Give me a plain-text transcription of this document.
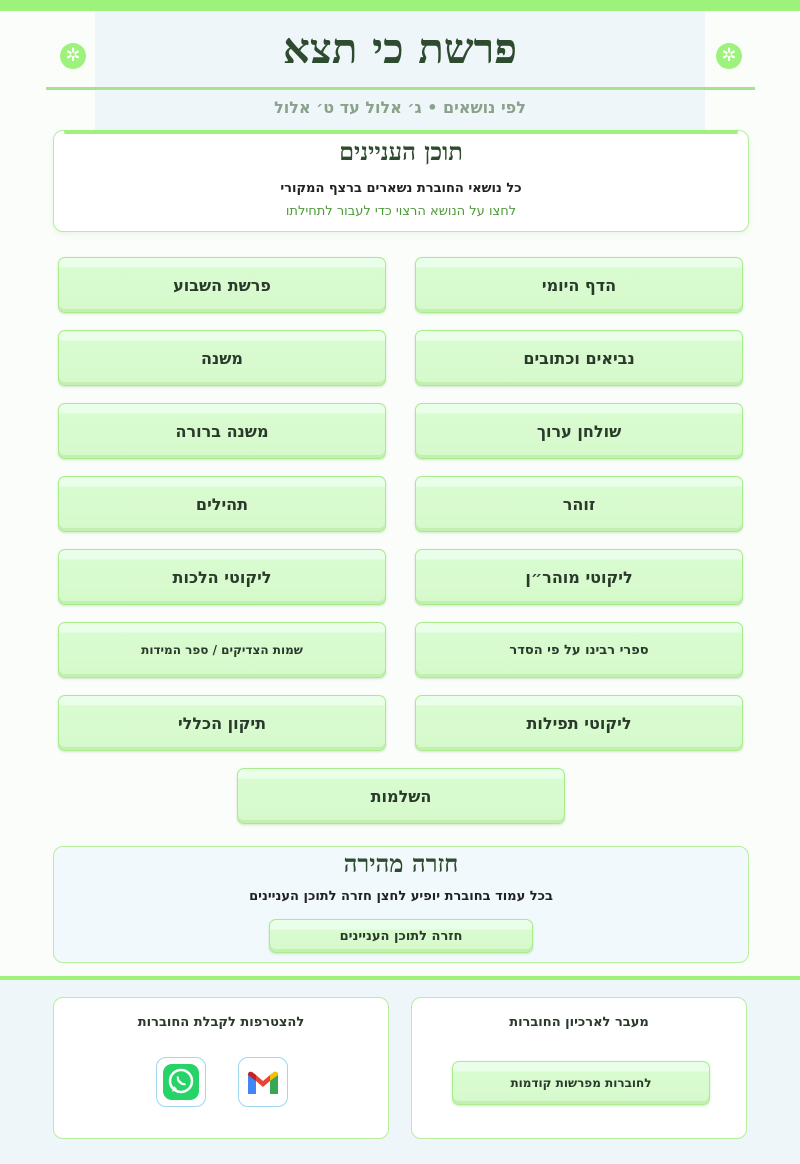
✲	✲
פרשת כי תצא
לפי נושאים • ג׳ אלול עד ט׳ אלול
תוכן העניינים
כל נושאי החוברת נשארים ברצף המקורי
לחצו על הנושא הרצוי כדי לעבור לתחילתו
הדף היומי
פרשת השבוע
נביאים וכתובים
משנה
שולחן ערוך
משנה ברורה
זוהר
תהילים
ליקוטי מוהר״ן
ליקוטי הלכות
ספרי רבינו על פי הסדר
שמות הצדיקים / ספר המידות
ליקוטי תפילות
תיקון הכללי
השלמות
חזרה מהירה
בכל עמוד בחוברת יופיע לחצן חזרה לתוכן העניינים
חזרה לתוכן העניינים
מעבר לארכיון החוברות
לחוברות מפרשות קודמות
להצטרפות לקבלת החוברות
